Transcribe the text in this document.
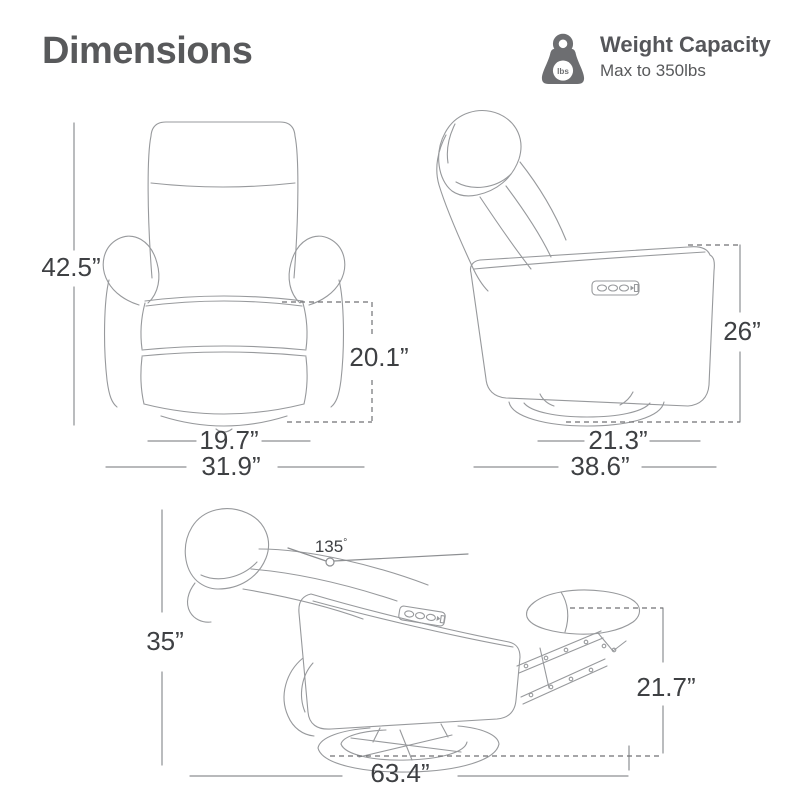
Dimensions	lbs
Weight Capacity
Max to 350lbs
42.5”
20.1”
19.7”
31.9”
26”
21.3”
38.6”
35”
21.7”
63.4”
135°
